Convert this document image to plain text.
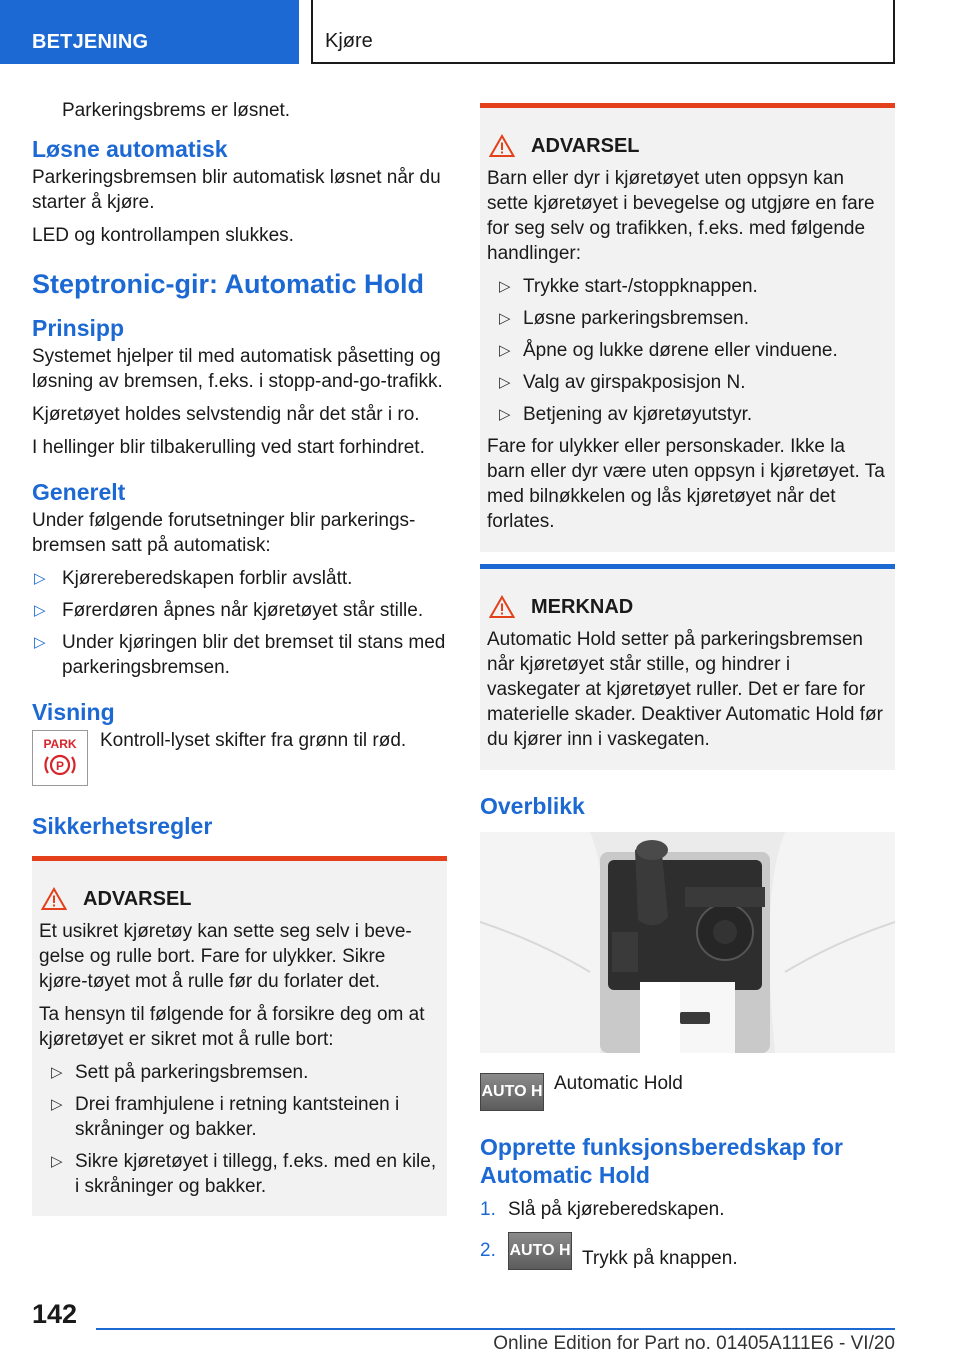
BETJENING	Kjøre

Parkeringsbrems er løsnet.

Løsne automatisk

Parkeringsbremsen blir automatisk løsnet når du starter å kjøre.

LED og kontrollampen slukkes.

Steptronic-gir: Automatic Hold
Prinsipp

Systemet hjelper til med automatisk påsetting og løsning av bremsen, f.eks. i stopp-and-go-trafikk.

Kjøretøyet holdes selvstendig når det står i ro.

I hellinger blir tilbakerulling ved start forhindret.

Generelt

Under følgende forutsetninger blir parkerings-bremsen satt på automatisk:

▷ Kjørereberedskapen forblir avslått.
▷ Førerdøren åpnes når kjøretøyet står stille.
▷ Under kjøringen blir det bremset til stans med parkeringsbremsen.
Visning
PARK
P

Kontroll-lyset skifter fra grønn til rød.

Sikkerhetsregler
ADVARSEL

Et usikret kjøretøy kan sette seg selv i beve-gelse og rulle bort. Fare for ulykker. Sikre kjøre-tøyet mot å rulle før du forlater det.

Ta hensyn til følgende for å forsikre deg om at kjøretøyet er sikret mot å rulle bort:

▷ Sett på parkeringsbremsen.
▷ Drei framhjulene i retning kantsteinen i skråninger og bakker.
▷ Sikre kjøretøyet i tillegg, f.eks. med en kile, i skråninger og bakker.
ADVARSEL

Barn eller dyr i kjøretøyet uten oppsyn kan sette kjøretøyet i bevegelse og utgjøre en fare for seg selv og trafikken, f.eks. med følgende handlinger:

▷ Trykke start-/stoppknappen.
▷ Løsne parkeringsbremsen.
▷ Åpne og lukke dørene eller vinduene.
▷ Valg av girspakposisjon N.
▷ Betjening av kjøretøyutstyr.

Fare for ulykker eller personskader. Ikke la barn eller dyr være uten oppsyn i kjøretøyet. Ta med bilnøkkelen og lås kjøretøyet når det forlates.

MERKNAD

Automatic Hold setter på parkeringsbremsen når kjøretøyet står stille, og hindrer i vaskegater at kjøretøyet ruller. Det er fare for materielle skader. Deaktiver Automatic Hold før du kjører inn i vaskegaten.

Overblikk
AUTO H Automatic Hold

Opprette funksjonsberedskap for Automatic Hold
1. Slå på kjøreberedskapen.
2. AUTO H Trykk på knappen.
142
Online Edition for Part no. 01405A111E6 - VI/20
